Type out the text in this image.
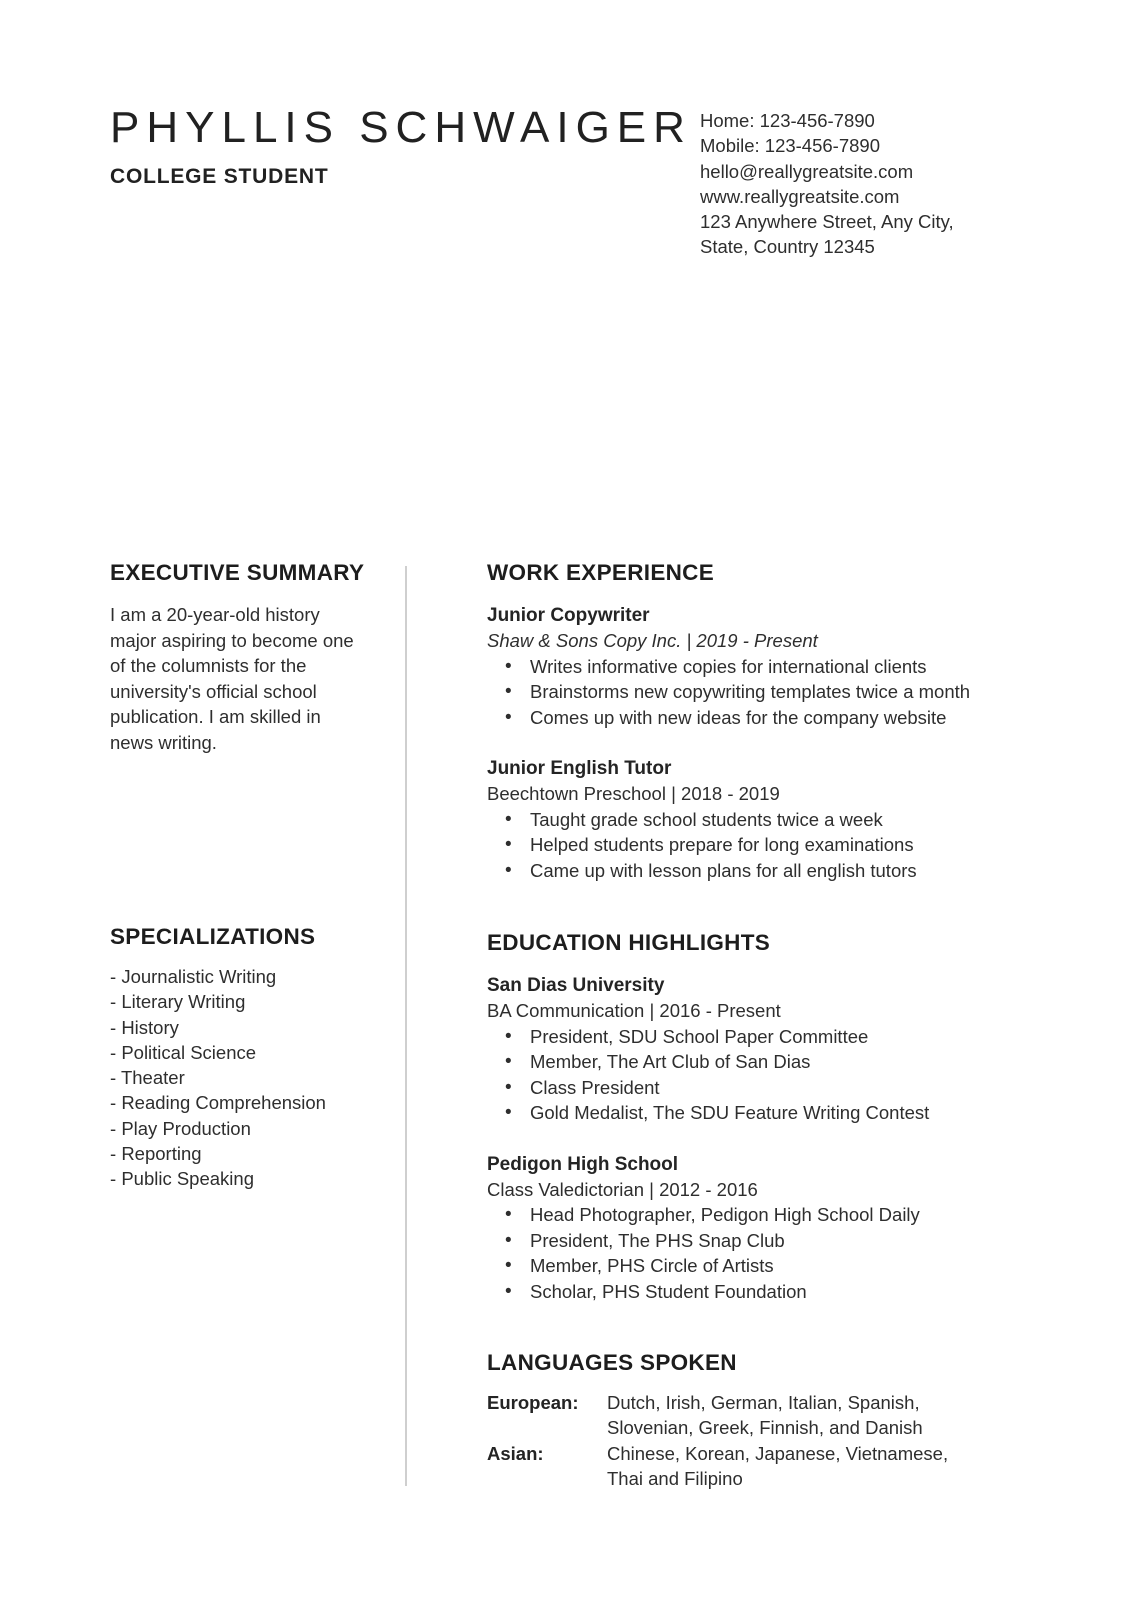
PHYLLIS SCHWAIGER
COLLEGE STUDENT
Home: 123-456-7890
Mobile: 123-456-7890
hello@reallygreatsite.com
www.reallygreatsite.com
123 Anywhere Street, Any City,
State, Country 12345
EXECUTIVE SUMMARY

I am a 20-year-old history major aspiring to become one of the columnists for the university's official school publication. I am skilled in news writing.

SPECIALIZATIONS
- Journalistic Writing
- Literary Writing
- History
- Political Science
- Theater
- Reading Comprehension
- Play Production
- Reporting
- Public Speaking
WORK EXPERIENCE
Junior Copywriter
Shaw & Sons Copy Inc. | 2019 - Present
• Writes informative copies for international clients
• Brainstorms new copywriting templates twice a month
• Comes up with new ideas for the company website
Junior English Tutor
Beechtown Preschool | 2018 - 2019
• Taught grade school students twice a week
• Helped students prepare for long examinations
• Came up with lesson plans for all english tutors
EDUCATION HIGHLIGHTS
San Dias University
BA Communication | 2016 - Present
• President, SDU School Paper Committee
• Member, The Art Club of San Dias
• Class President
• Gold Medalist, The SDU Feature Writing Contest
Pedigon High School
Class Valedictorian | 2012 - 2016
• Head Photographer, Pedigon High School Daily
• President, The PHS Snap Club
• Member, PHS Circle of Artists
• Scholar, PHS Student Foundation
LANGUAGES SPOKEN
European:	Dutch, Irish, German, Italian, Spanish, Slovenian, Greek, Finnish, and Danish
Asian:	Chinese, Korean, Japanese, Vietnamese, Thai and Filipino
